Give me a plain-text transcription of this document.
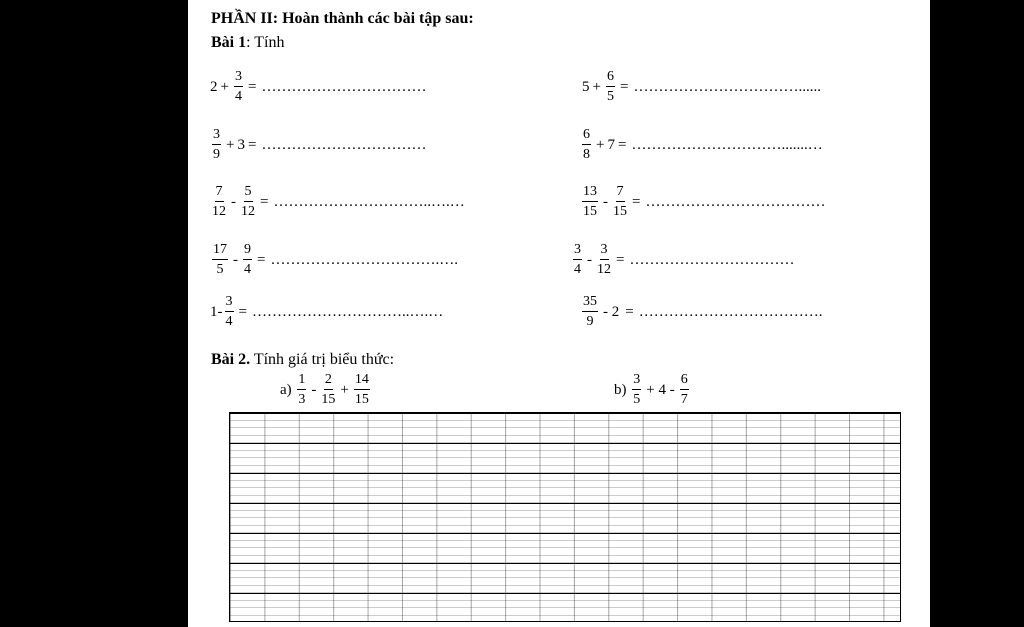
PHẦN II: Hoàn thành các bài tập sau:
Bài 1: Tính
$2 + \frac{3}{4}$ = ……………………………	$5 + \frac{6}{5}$ = ……………………………......
$\frac{3}{9} + 3$ = ……………………………	$\frac{6}{8} + 7$ = ………………………….......…
$\frac{7}{12} - \frac{5}{12}$ = …………………………..….…	$\frac{13}{15} - \frac{7}{15}$ = ………………………………
$\frac{17}{5} - \frac{9}{4}$ = …………………………….….	$\frac{3}{4} - \frac{3}{12}$ = ……………………………
$1- \frac{3}{4}$ = …………………………..….…	$\frac{35}{9} - 2$ = ……………………………….
Bài 2. Tính giá trị biểu thức:
a)
$\frac{1}{3} - \frac{2}{15} + \frac{14}{15}$	b)
$\frac{3}{5} + 4 - \frac{6}{7}$
